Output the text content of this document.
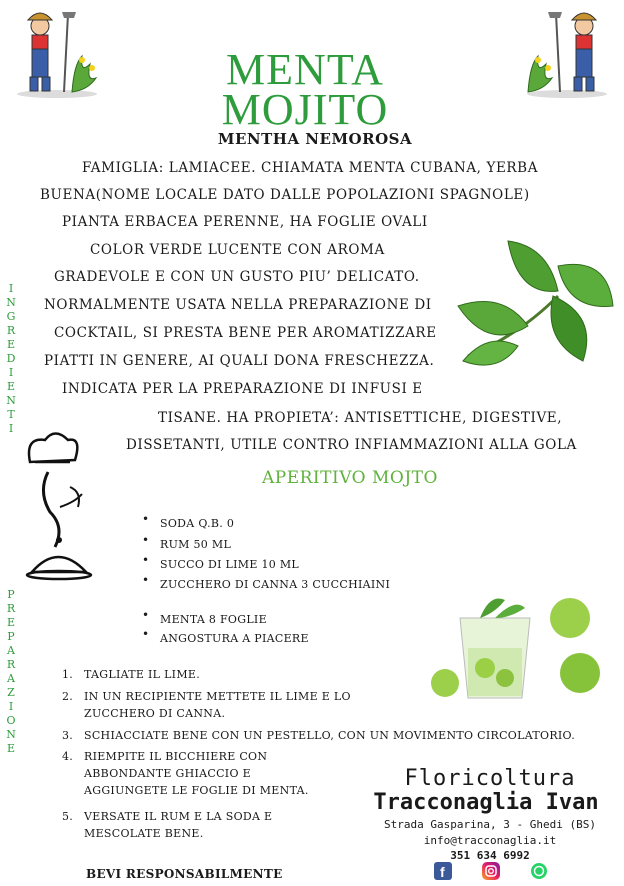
MENTA
MOJITO
MENTHA NEMOROSA
FAMIGLIA: LAMIACEE. CHIAMATA MENTA CUBANA, YERBA
BUENA(NOME LOCALE DATO DALLE POPOLAZIONI SPAGNOLE)
PIANTA ERBACEA PERENNE, HA FOGLIE OVALI
COLOR VERDE LUCENTE CON AROMA
GRADEVOLE E CON UN GUSTO PIU’ DELICATO.
NORMALMENTE USATA NELLA PREPARAZIONE DI
COCKTAIL, SI PRESTA BENE PER AROMATIZZARE
PIATTI IN GENERE, AI QUALI DONA FRESCHEZZA.
INDICATA PER LA PREPARAZIONE DI INFUSI E
TISANE. HA PROPIETA’: ANTISETTICHE, DIGESTIVE,
DISSETANTI, UTILE CONTRO INFIAMMAZIONI ALLA GOLA
I
N
G
R
E
D
I
E
N
T
I
P
R
E
P
A
R
A
Z
I
O
N
E
APERITIVO MOJTO
• SODA Q.B. 0
• RUM 50 ML
• SUCCO DI LIME 10 ML
• ZUCCHERO DI CANNA 3 CUCCHIAINI
• MENTA 8 FOGLIE
• ANGOSTURA A PIACERE
1. TAGLIATE IL LIME.
2. IN UN RECIPIENTE METTETE IL LIME E LO ZUCCHERO DI CANNA.
3. SCHIACCIATE BENE CON UN PESTELLO, CON UN MOVIMENTO CIRCOLATORIO.
4. RIEMPITE IL BICCHIERE CON ABBONDANTE GHIACCIO E AGGIUNGETE LE FOGLIE DI MENTA.
5. VERSATE IL RUM E LA SODA E MESCOLATE BENE.
BEVI RESPONSABILMENTE
Floricoltura
Tracconaglia Ivan
Strada Gasparina, 3 - Ghedi (BS)
info@tracconaglia.it
351 634 6992
f
